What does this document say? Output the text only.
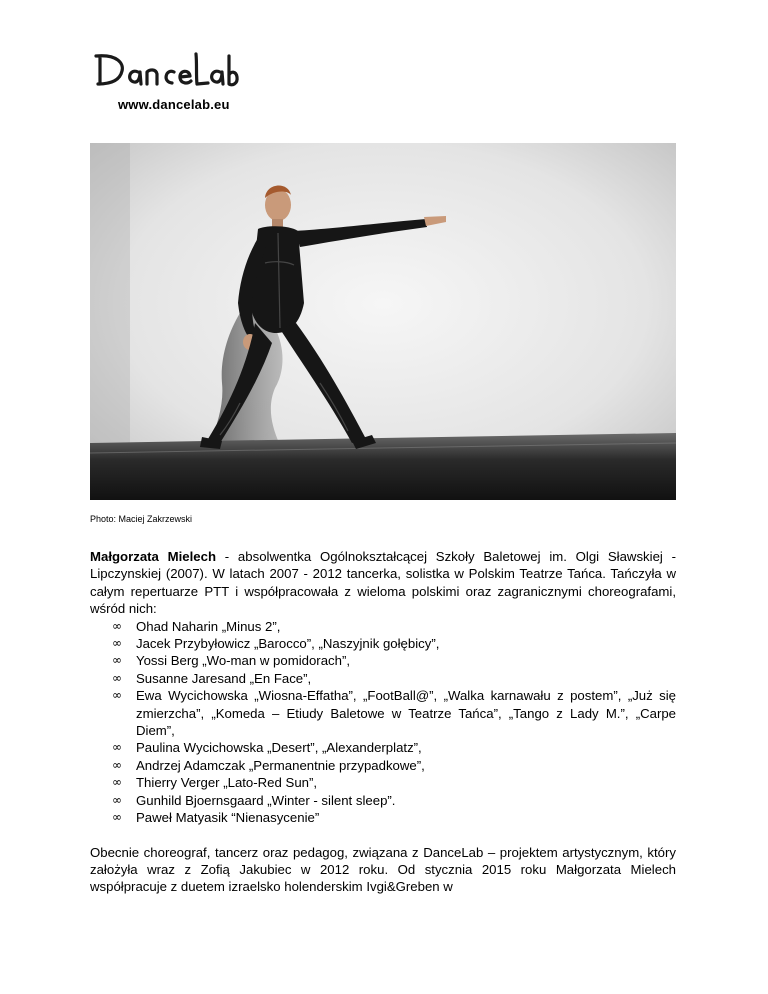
www.dancelab.eu
Photo: Maciej Zakrzewski

Małgorzata Mielech - absolwentka Ogólnokształcącej Szkoły Baletowej im. Olgi Sławskiej - Lipczynskiej (2007). W latach 2007 - 2012 tancerka, solistka w Polskim Teatrze Tańca. Tańczyła w całym repertuarze PTT i współpracowała z wieloma polskimi oraz zagranicznymi choreografami, wśród nich:

∞ Ohad Naharin „Minus 2”,
∞ Jacek Przybyłowicz „Barocco”, „Naszyjnik gołębicy”,
∞ Yossi Berg „Wo-man w pomidorach”,
∞ Susanne Jaresand „En Face”,
∞ Ewa Wycichowska „Wiosna-Effatha”, „FootBall@”, „Walka karnawału z postem”, „Już się zmierzcha”, „Komeda – Etiudy Baletowe w Teatrze Tańca”, „Tango z Lady M.”, „Carpe Diem”,
∞ Paulina Wycichowska „Desert”, „Alexanderplatz”,
∞ Andrzej Adamczak „Permanentnie przypadkowe”,
∞ Thierry Verger „Lato-Red Sun”,
∞ Gunhild Bjoernsgaard „Winter - silent sleep”.
∞ Paweł Matyasik “Nienasycenie”

Obecnie choreograf, tancerz oraz pedagog, związana z DanceLab – projektem artystycznym, który założyła wraz z Zofią Jakubiec w 2012 roku. Od stycznia 2015 roku Małgorzata Mielech współpracuje z duetem izraelsko holenderskim Ivgi&Greben w
